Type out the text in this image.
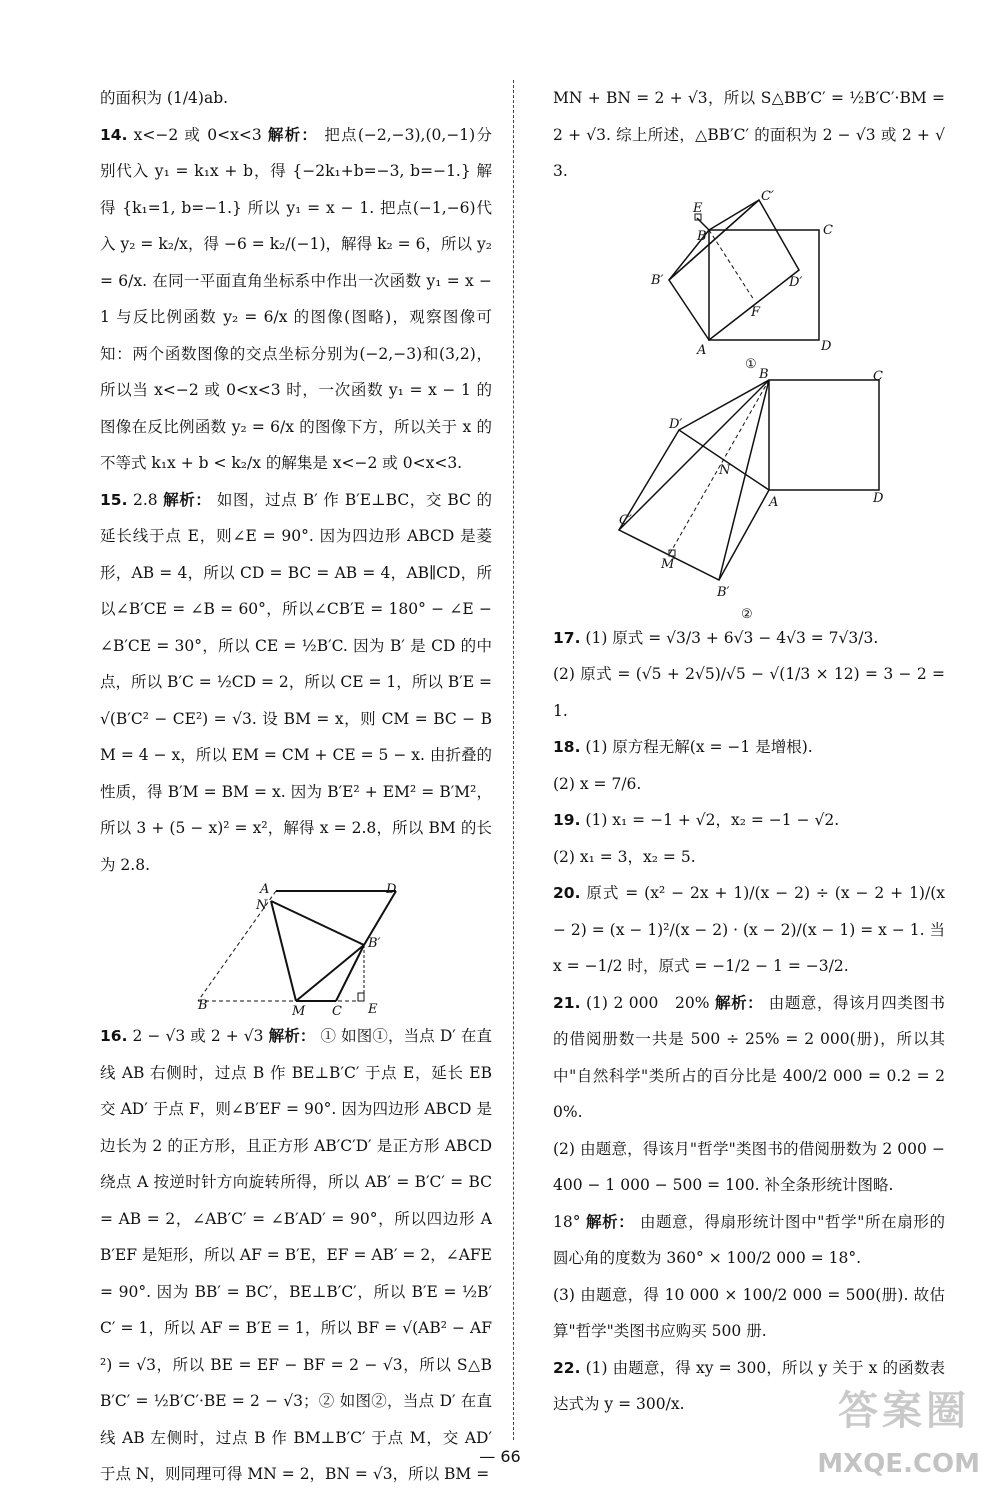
的面积为 (1/4)ab.

14. x<−2 或 0<x<3 解析： 把点(−2,−3),(0,−1)分别代入 y₁ = k₁x + b，得 {−2k₁+b=−3, b=−1.} 解得 {k₁=1, b=−1.} 所以 y₁ = x − 1. 把点(−1,−6)代入 y₂ = k₂/x，得 −6 = k₂/(−1)，解得 k₂ = 6，所以 y₂ = 6/x. 在同一平面直角坐标系中作出一次函数 y₁ = x − 1 与反比例函数 y₂ = 6/x 的图像(图略)，观察图像可知：两个函数图像的交点坐标分别为(−2,−3)和(3,2)，所以当 x<−2 或 0<x<3 时，一次函数 y₁ = x − 1 的图像在反比例函数 y₂ = 6/x 的图像下方，所以关于 x 的不等式 k₁x + b < k₂/x 的解集是 x<−2 或 0<x<3.

15. 2.8 解析： 如图，过点 B′ 作 B′E⊥BC，交 BC 的延长线于点 E，则∠E = 90°. 因为四边形 ABCD 是菱形，AB = 4，所以 CD = BC = AB = 4，AB∥CD，所以∠B′CE = ∠B = 60°，所以∠CB′E = 180° − ∠E − ∠B′CE = 30°，所以 CE = ½B′C. 因为 B′ 是 CD 的中点，所以 B′C = ½CD = 2，所以 CE = 1，所以 B′E = √(B′C² − CE²) = √3. 设 BM = x，则 CM = BC − BM = 4 − x，所以 EM = CM + CE = 5 − x. 由折叠的性质，得 B′M = BM = x. 因为 B′E² + EM² = B′M²，所以 3 + (5 − x)² = x²，解得 x = 2.8，所以 BM 的长为 2.8.

A
N
D
B′
B	M C E

16. 2 − √3 或 2 + √3 解析： ① 如图①，当点 D′ 在直线 AB 右侧时，过点 B 作 BE⊥B′C′ 于点 E，延长 EB 交 AD′ 于点 F，则∠B′EF = 90°. 因为四边形 ABCD 是边长为 2 的正方形，且正方形 AB′C′D′ 是正方形 ABCD 绕点 A 按逆时针方向旋转所得，所以 AB′ = B′C′ = BC = AB = 2，∠AB′C′ = ∠B′AD′ = 90°，所以四边形 AB′EF 是矩形，所以 AF = B′E，EF = AB′ = 2，∠AFE = 90°. 因为 BB′ = BC′，BE⊥B′C′，所以 B′E = ½B′C′ = 1，所以 AF = B′E = 1，所以 BF = √(AB² − AF²) = √3，所以 BE = EF − BF = 2 − √3，所以 S△BB′C′ = ½B′C′·BE = 2 − √3；② 如图②，当点 D′ 在直线 AB 左侧时，过点 B 作 BM⊥B′C′ 于点 M，交 AD′ 于点 N，则同理可得 MN = 2，BN = √3，所以 BM =

MN + BN = 2 + √3，所以 S△BB′C′ = ½B′C′·BM = 2 + √3. 综上所述，△BB′C′ 的面积为 2 − √3 或 2 + √3.

C′
E
B′
B	C
D′
F
A	D
①
B	C
D′
N
A	D
C′
M
B′
②

17. (1) 原式 = √3/3 + 6√3 − 4√3 = 7√3/3.
(2) 原式 = (√5 + 2√5)/√5 − √(1/3 × 12) = 3 − 2 = 1.

18. (1) 原方程无解(x = −1 是增根).
(2) x = 7/6.

19. (1) x₁ = −1 + √2，x₂ = −1 − √2.
(2) x₁ = 3，x₂ = 5.

20. 原式 = (x² − 2x + 1)/(x − 2) ÷ (x − 2 + 1)/(x − 2) = (x − 1)²/(x − 2) · (x − 2)/(x − 1) = x − 1. 当 x = −1/2 时，原式 = −1/2 − 1 = −3/2.

21. (1) 2 000　20% 解析： 由题意，得该月四类图书的借阅册数一共是 500 ÷ 25% = 2 000(册)，所以其中"自然科学"类所占的百分比是 400/2 000 = 0.2 = 20%.
(2) 由题意，得该月"哲学"类图书的借阅册数为 2 000 − 400 − 1 000 − 500 = 100. 补全条形统计图略.
18° 解析： 由题意，得扇形统计图中"哲学"所在扇形的圆心角的度数为 360° × 100/2 000 = 18°.
(3) 由题意，得 10 000 × 100/2 000 = 500(册). 故估算"哲学"类图书应购买 500 册.

22. (1) 由题意，得 xy = 300，所以 y 关于 x 的函数表达式为 y = 300/x.

— 66
答案圈
MXQE.COM
